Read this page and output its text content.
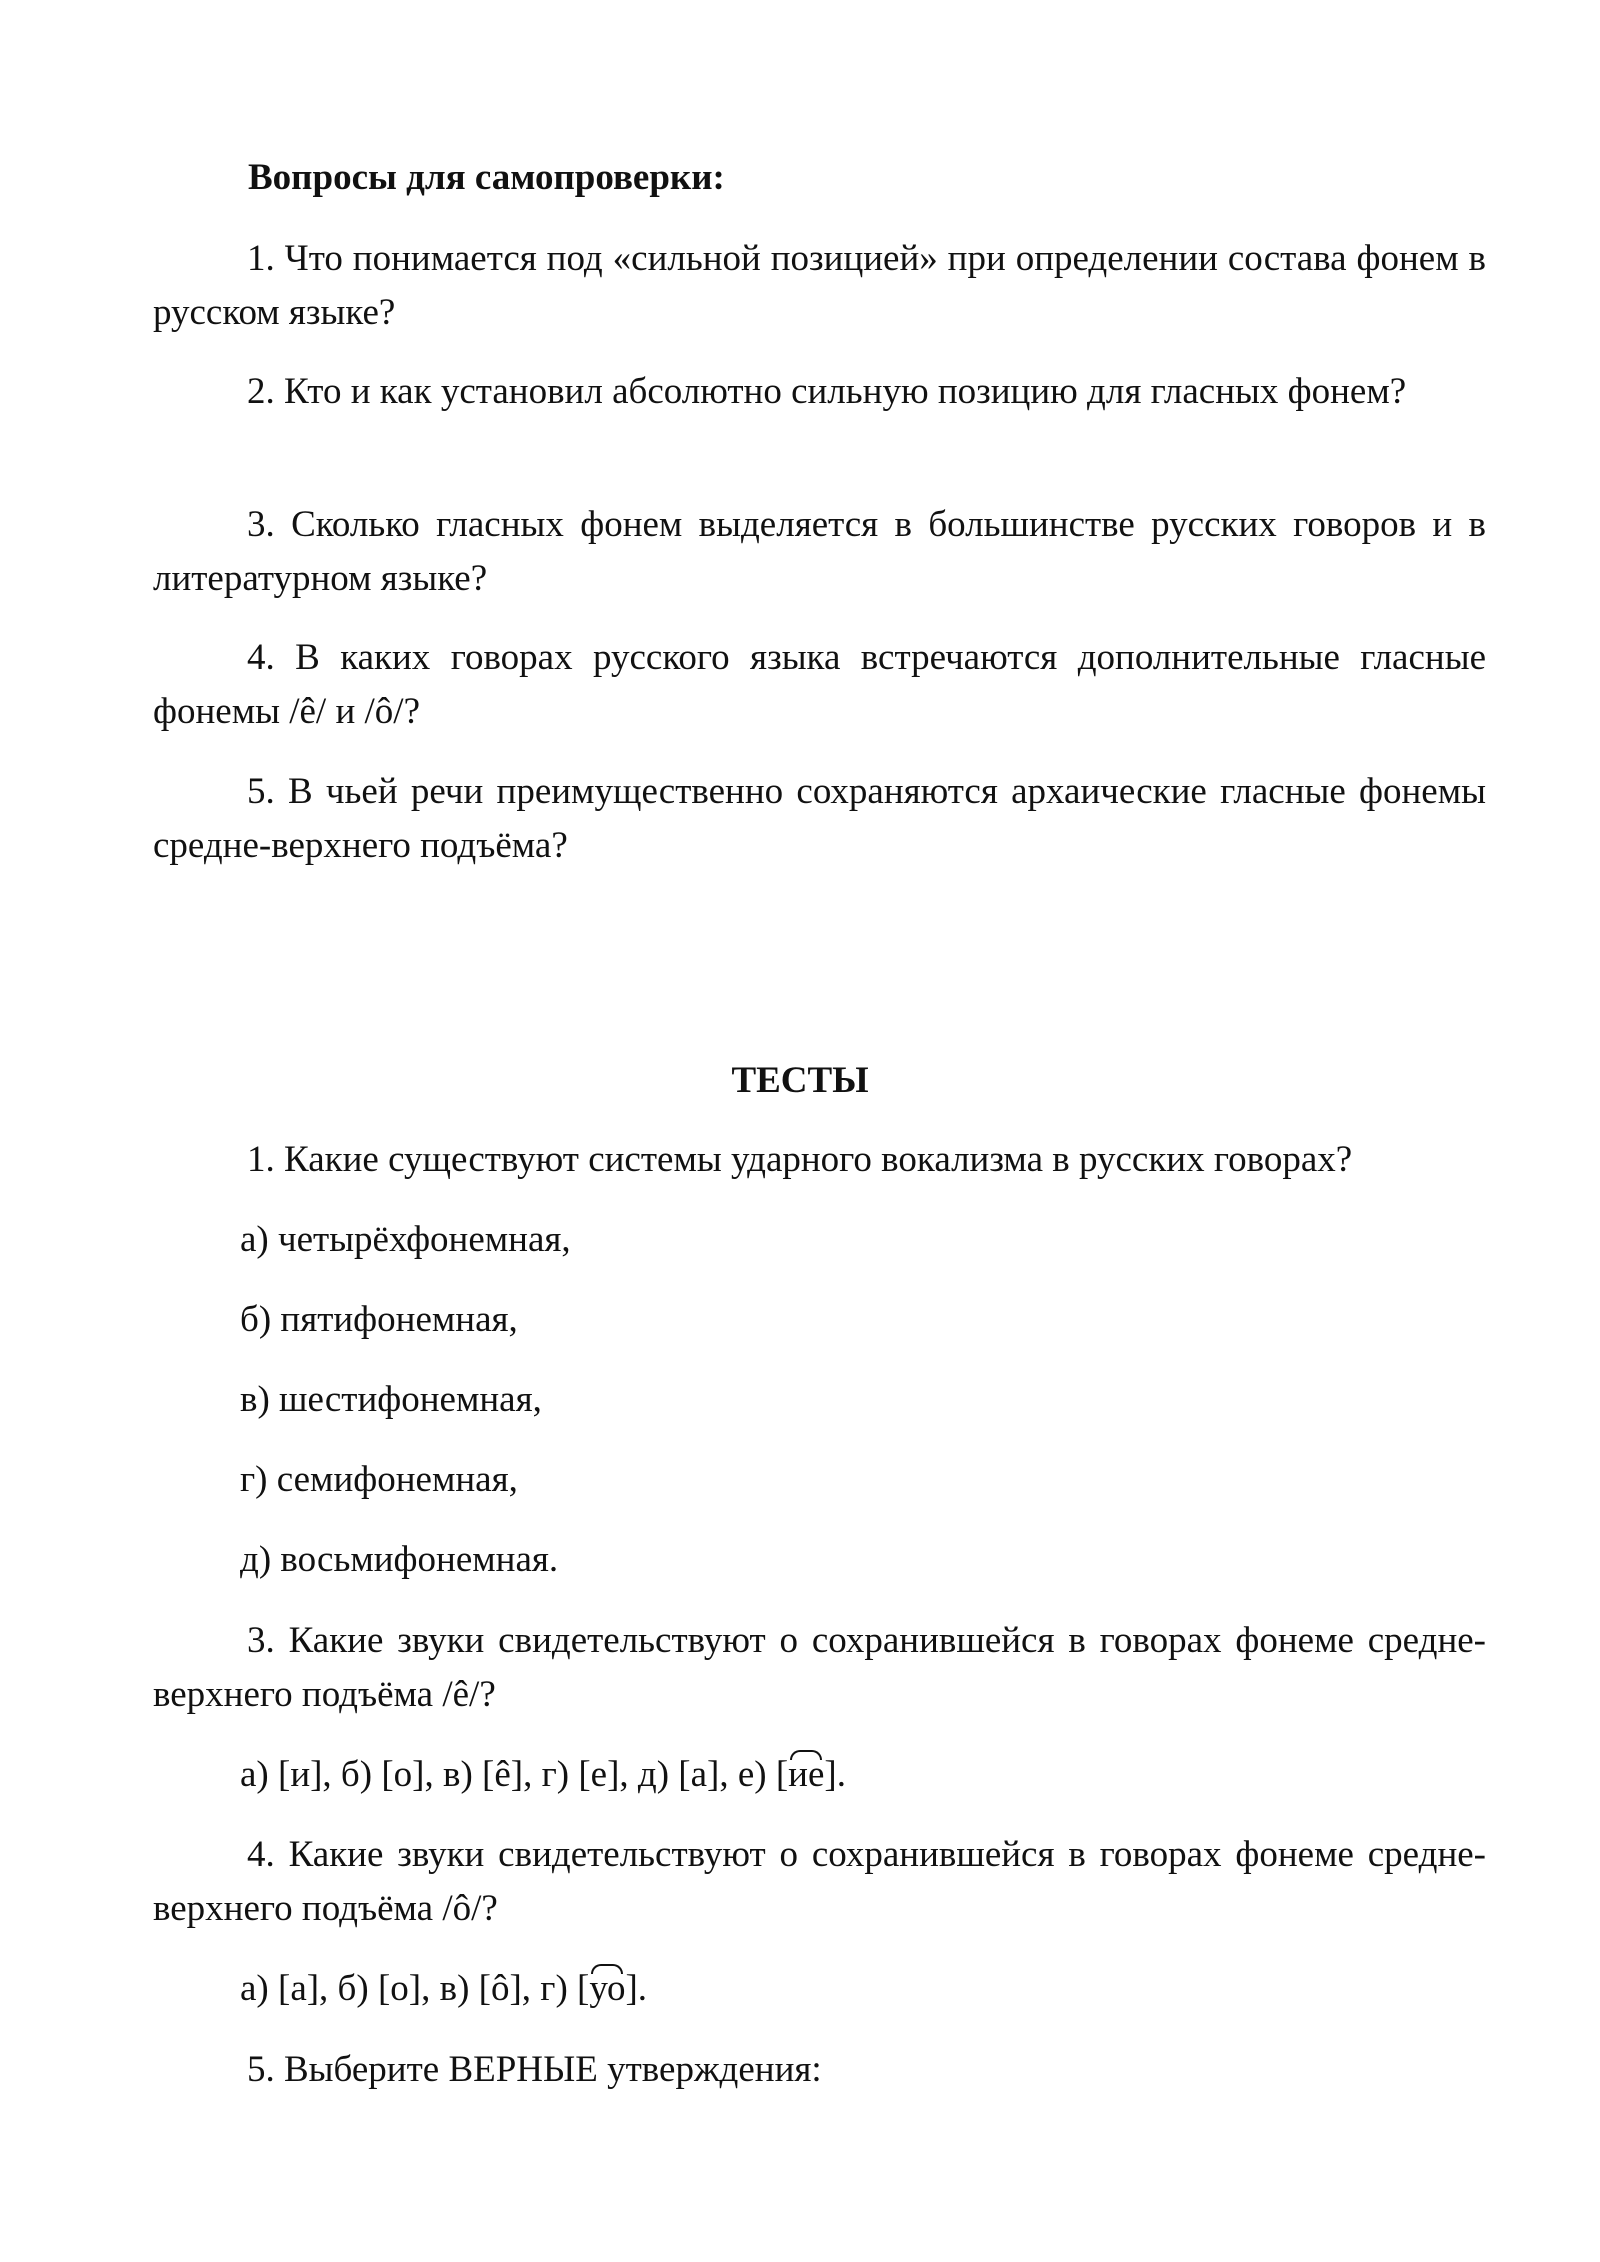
Вопросы для самопроверки:

1. Что понимается под «сильной позицией» при определении состава фонем в русском языке?

2. Кто и как установил абсолютно сильную позицию для гласных фонем?

3. Сколько гласных фонем выделяется в большинстве русских говоров и в литературном языке?

4. В каких говорах русского языка встречаются дополнительные гласные фонемы /ê/ и /ô/?

5. В чьей речи преимущественно сохраняются архаические гласные фонемы средне-верхнего подъёма?

ТЕСТЫ

1. Какие существуют системы ударного вокализма в русских говорах?

а) четырёхфонемная,

б) пятифонемная,

в) шестифонемная,

г) семифонемная,

д) восьмифонемная.

3. Какие звуки свидетельствуют о сохранившейся в говорах фонеме средне-верхнего подъёма /ê/?

а) [и], б) [о], в) [ê], г) [е], д) [а], е) [ие].

4. Какие звуки свидетельствуют о сохранившейся в говорах фонеме средне-верхнего подъёма /ô/?

а) [а], б) [о], в) [ô], г) [уо].

5. Выберите ВЕРНЫЕ утверждения:
